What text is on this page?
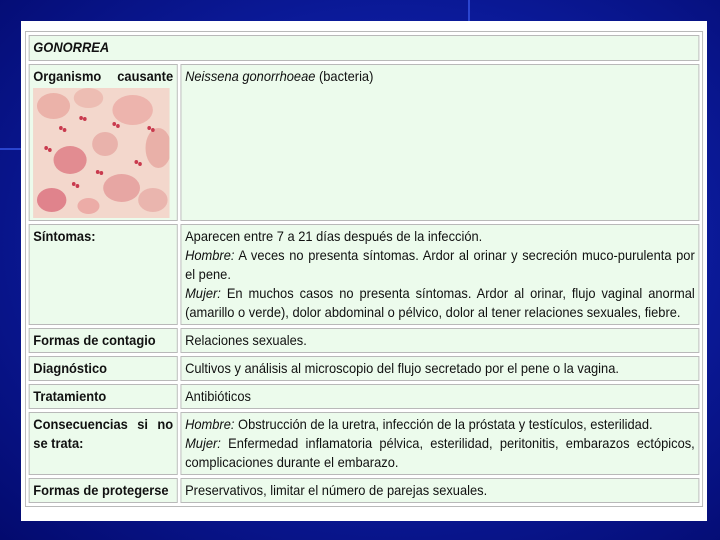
GONORREA	

Organismo causante	Neissena gonorrhoeae (bacteria)
Síntomas:	Aparecen entre 7 a 21 días después de la infección.
Hombre: A veces no presenta síntomas. Ardor al orinar y secreción muco-purulenta por el pene.
Mujer: En muchos casos no presenta síntomas. Ardor al orinar, flujo vaginal anormal (amarillo o verde), dolor abdominal o pélvico, dolor al tener relaciones sexuales, fiebre.

Formas de contagio	Relaciones sexuales.
Diagnóstico	Cultivos y análisis al microscopio del flujo secretado por el pene o la vagina.
Tratamiento	Antibióticos
Consecuencias si no se trata:	Hombre: Obstrucción de la uretra, infección de la próstata y testículos, esterilidad.
Mujer: Enfermedad inflamatoria pélvica, esterilidad, peritonitis, embarazos ectópicos, complicaciones durante el embarazo.

Formas de protegerse	Preservativos, limitar el número de parejas sexuales.
